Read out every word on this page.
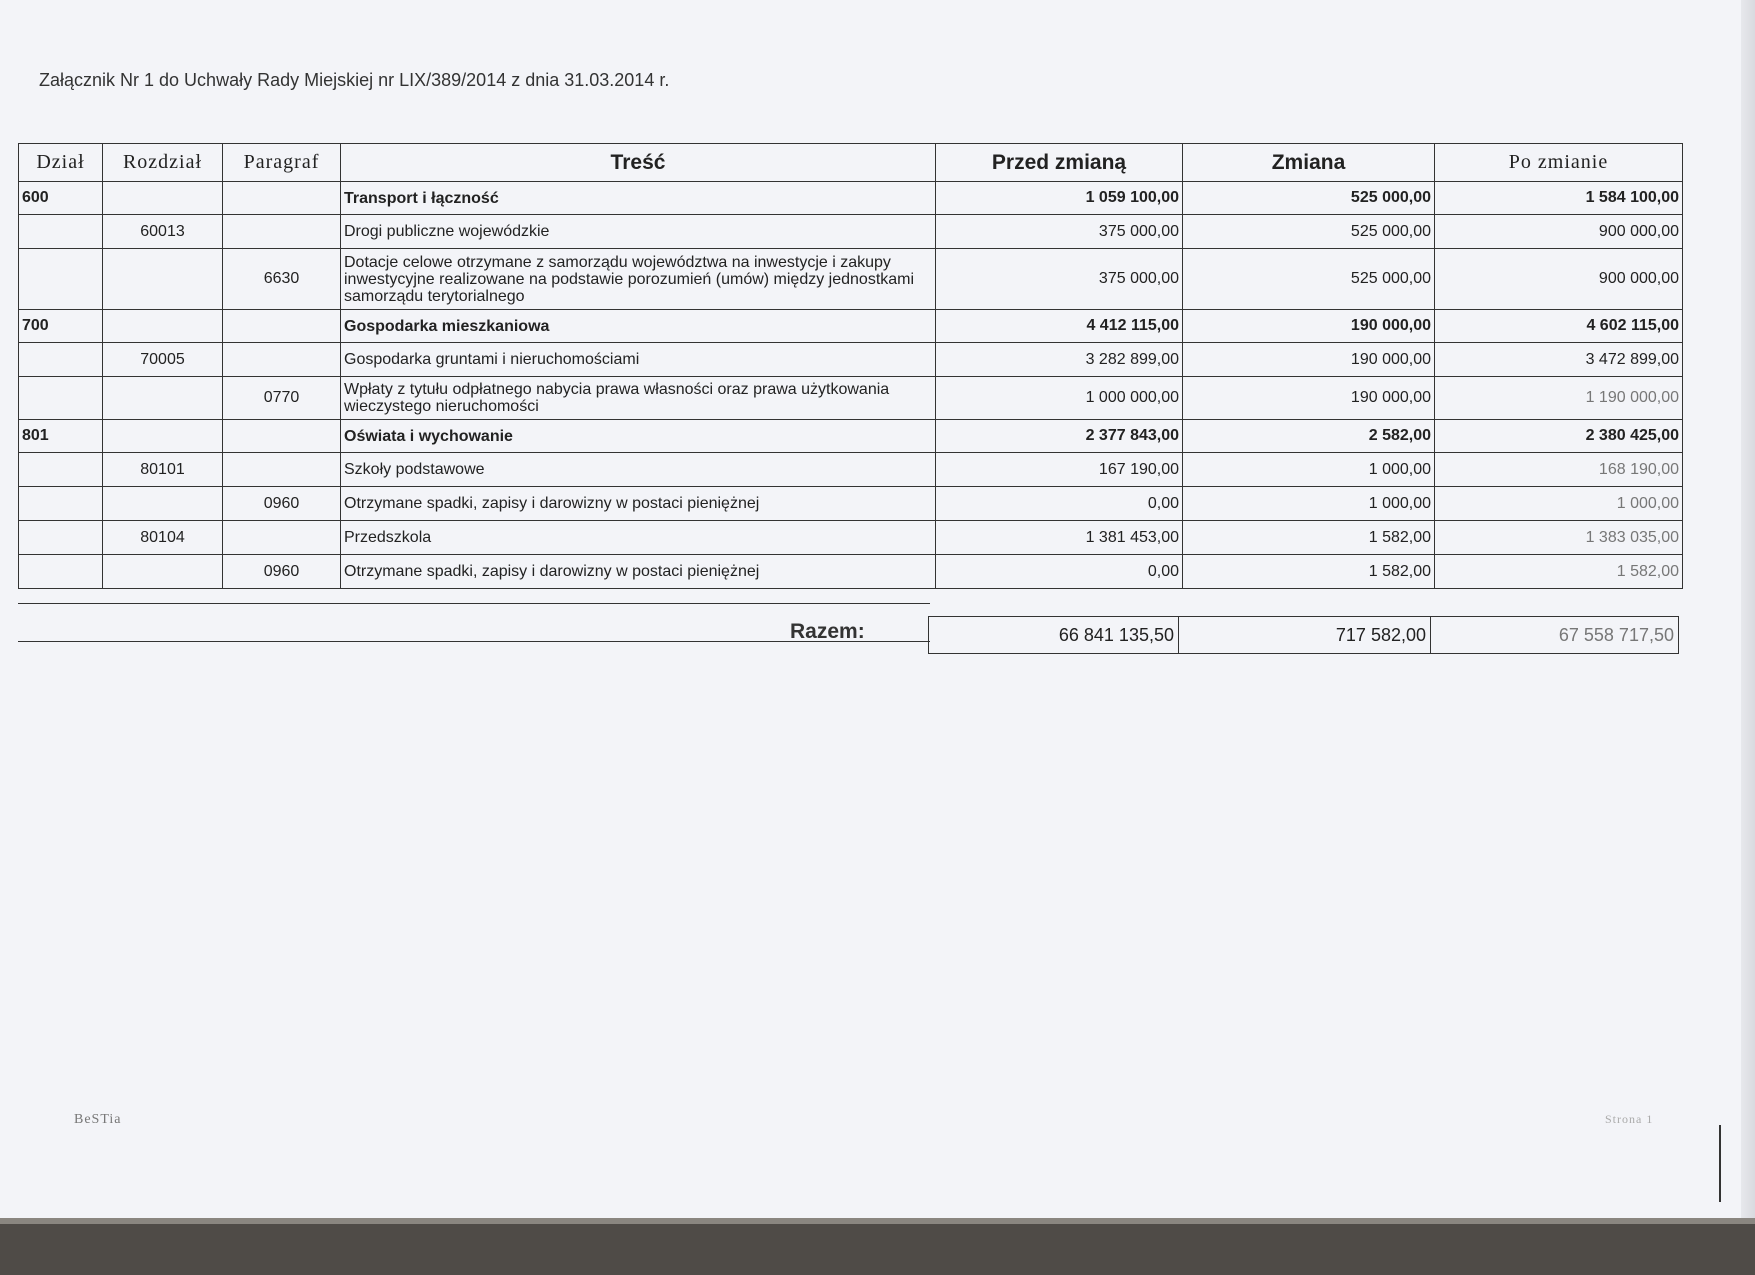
Załącznik Nr 1 do Uchwały Rady Miejskiej nr LIX/389/2014 z dnia 31.03.2014 r.
Dział	Rozdział	Paragraf	Treść	Przed zmianą	Zmiana	Po zmianie
600			Transport i łączność	1 059 100,00	525 000,00	1 584 100,00
	60013		Drogi publiczne wojewódzkie	375 000,00	525 000,00	900 000,00
		6630	Dotacje celowe otrzymane z samorządu województwa na inwestycje i zakupy inwestycyjne realizowane na podstawie porozumień (umów) między jednostkami samorządu terytorialnego	375 000,00	525 000,00	900 000,00
700			Gospodarka mieszkaniowa	4 412 115,00	190 000,00	4 602 115,00
	70005		Gospodarka gruntami i nieruchomościami	3 282 899,00	190 000,00	3 472 899,00
		0770	Wpłaty z tytułu odpłatnego nabycia prawa własności oraz prawa użytkowania wieczystego nieruchomości	1 000 000,00	190 000,00	1 190 000,00
801			Oświata i wychowanie	2 377 843,00	2 582,00	2 380 425,00
	80101		Szkoły podstawowe	167 190,00	1 000,00	168 190,00
		0960	Otrzymane spadki, zapisy i darowizny w postaci pieniężnej	0,00	1 000,00	1 000,00
	80104		Przedszkola	1 381 453,00	1 582,00	1 383 035,00
		0960	Otrzymane spadki, zapisy i darowizny w postaci pieniężnej	0,00	1 582,00	1 582,00
Razem:	66 841 135,50	717 582,00	67 558 717,50
BeSTia	Strona 1
